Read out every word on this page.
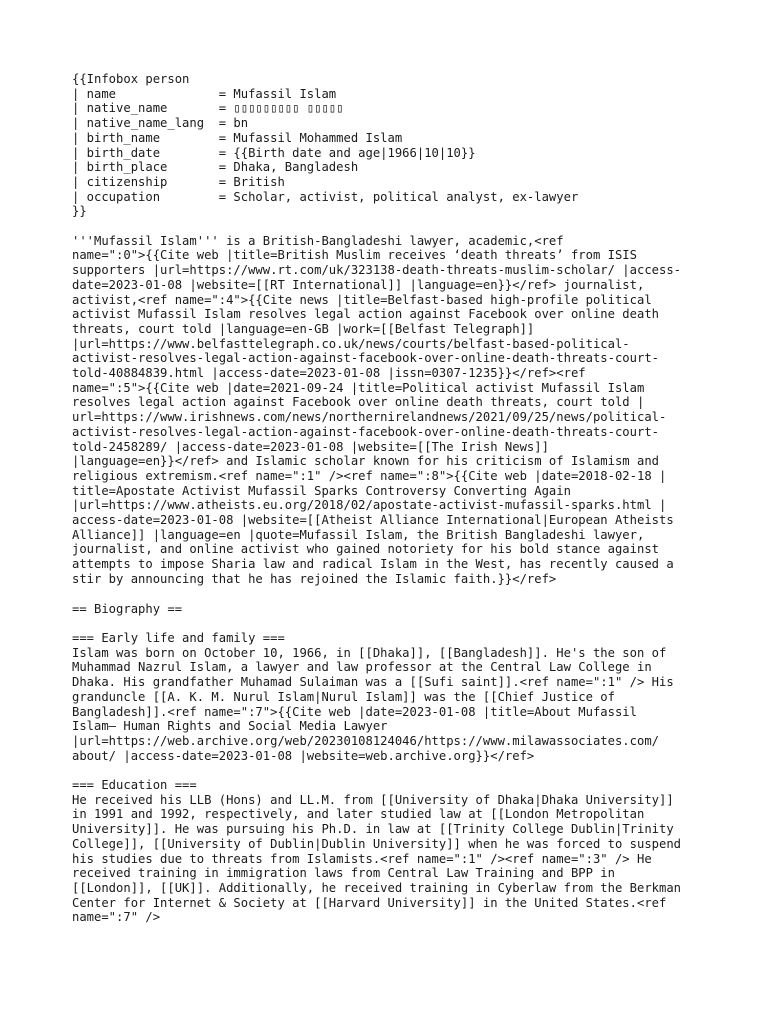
{{Infobox person
| name              = Mufassil Islam
| native_name       = ▯▯▯▯▯▯▯▯▯ ▯▯▯▯▯
| native_name_lang  = bn
| birth_name        = Mufassil Mohammed Islam
| birth_date        = {{Birth date and age|1966|10|10}}
| birth_place       = Dhaka, Bangladesh
| citizenship       = British
| occupation        = Scholar, activist, political analyst, ex-lawyer
}}
'''Mufassil Islam''' is a British-Bangladeshi lawyer, academic,<ref
name=":0">{{Cite web |title=British Muslim receives ‘death threats’ from ISIS
supporters |url=https://www.rt.com/uk/323138-death-threats-muslim-scholar/ |access-
date=2023-01-08 |website=[[RT International]] |language=en}}</ref> journalist,
activist,<ref name=":4">{{Cite news |title=Belfast-based high-profile political
activist Mufassil Islam resolves legal action against Facebook over online death
threats, court told |language=en-GB |work=[[Belfast Telegraph]]
|url=https://www.belfasttelegraph.co.uk/news/courts/belfast-based-political-
activist-resolves-legal-action-against-facebook-over-online-death-threats-court-
told-40884839.html |access-date=2023-01-08 |issn=0307-1235}}</ref><ref
name=":5">{{Cite web |date=2021-09-24 |title=Political activist Mufassil Islam
resolves legal action against Facebook over online death threats, court told |
url=https://www.irishnews.com/news/northernirelandnews/2021/09/25/news/political-
activist-resolves-legal-action-against-facebook-over-online-death-threats-court-
told-2458289/ |access-date=2023-01-08 |website=[[The Irish News]]
|language=en}}</ref> and Islamic scholar known for his criticism of Islamism and
religious extremism.<ref name=":1" /><ref name=":8">{{Cite web |date=2018-02-18 |
title=Apostate Activist Mufassil Sparks Controversy Converting Again
|url=https://www.atheists.eu.org/2018/02/apostate-activist-mufassil-sparks.html |
access-date=2023-01-08 |website=[[Atheist Alliance International|European Atheists
Alliance]] |language=en |quote=Mufassil Islam, the British Bangladeshi lawyer,
journalist, and online activist who gained notoriety for his bold stance against
attempts to impose Sharia law and radical Islam in the West, has recently caused a
stir by announcing that he has rejoined the Islamic faith.}}</ref>
== Biography ==
=== Early life and family ===
Islam was born on October 10, 1966, in [[Dhaka]], [[Bangladesh]]. He's the son of
Muhammad Nazrul Islam, a lawyer and law professor at the Central Law College in
Dhaka. His grandfather Muhamad Sulaiman was a [[Sufi saint]].<ref name=":1" /> His
granduncle [[A. K. M. Nurul Islam|Nurul Islam]] was the [[Chief Justice of
Bangladesh]].<ref name=":7">{{Cite web |date=2023-01-08 |title=About Mufassil
Islam– Human Rights and Social Media Lawyer
|url=https://web.archive.org/web/20230108124046/https://www.milawassociates.com/
about/ |access-date=2023-01-08 |website=web.archive.org}}</ref>
=== Education ===
He received his LLB (Hons) and LL.M. from [[University of Dhaka|Dhaka University]]
in 1991 and 1992, respectively, and later studied law at [[London Metropolitan
University]]. He was pursuing his Ph.D. in law at [[Trinity College Dublin|Trinity
College]], [[University of Dublin|Dublin University]] when he was forced to suspend
his studies due to threats from Islamists.<ref name=":1" /><ref name=":3" /> He
received training in immigration laws from Central Law Training and BPP in
[[London]], [[UK]]. Additionally, he received training in Cyberlaw from the Berkman
Center for Internet & Society at [[Harvard University]] in the United States.<ref
name=":7" />
